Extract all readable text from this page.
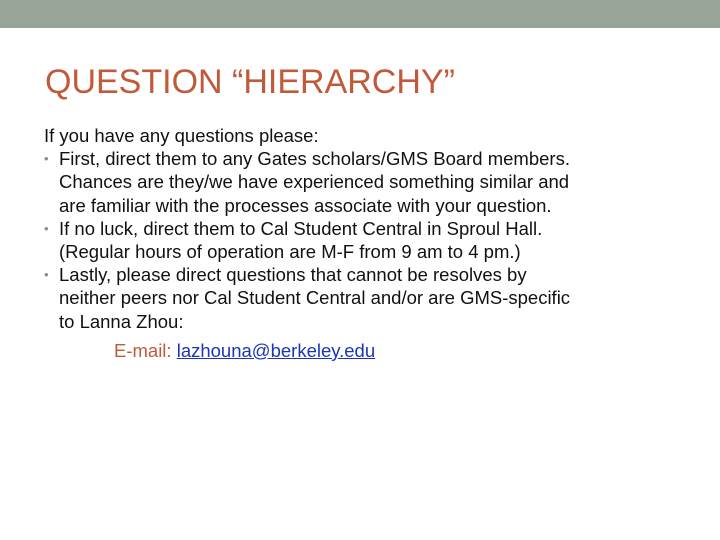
QUESTION “HIERARCHY”

If you have any questions please:

• First, direct them to any Gates scholars/GMS Board members.
Chances are they/we have experienced something similar and
are familiar with the processes associate with your question.
• If no luck, direct them to Cal Student Central in Sproul Hall.
(Regular hours of operation are M-F from 9 am to 4 pm.)
• Lastly, please direct questions that cannot be resolves by
neither peers nor Cal Student Central and/or are GMS-specific
to Lanna Zhou:

E-mail: lazhouna@berkeley.edu
